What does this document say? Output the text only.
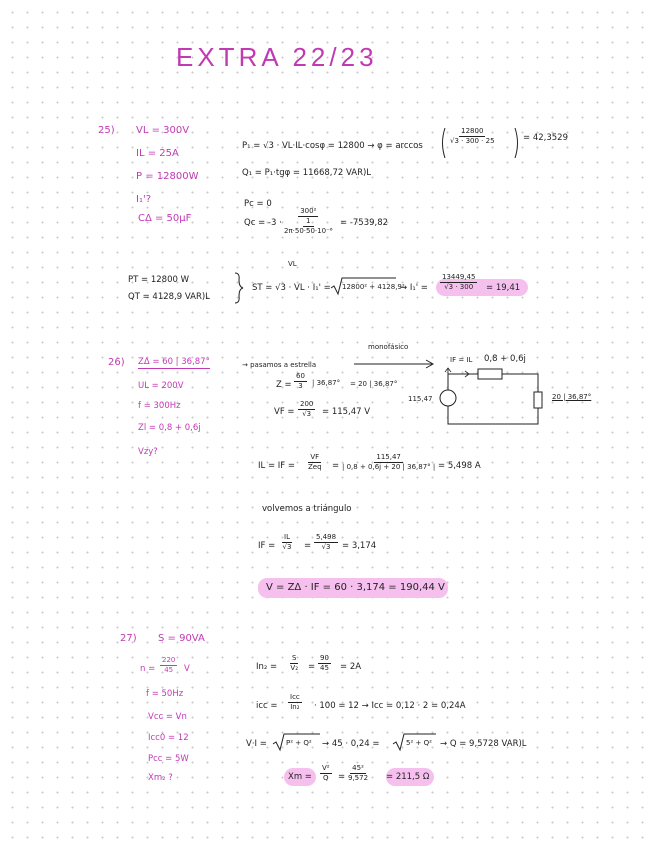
EXTRA 22/23
25) VL = 300V
IL = 25A
P = 12800W
I₁'?
CΔ = 50μF
P₁ = √3 · VL·IL·cosφ = 12800 → φ = arccos
$\frac{12800}{√3 \cdot 300 \cdot 25}$	= 42,3529
Q₁ = P₁·tgφ = 11668,72 VAR)L
Pc = 0
Qc = -3 ·
300²
1
2π·50·50·10⁻⁶
= -7539,82
VL
PT = 12800 W
QT = 4128,9 VAR)L
ST = √3 · VL · I₁' = 12800² + 4128,9²
→ $I_1' = \frac{13449,45}{√3 \cdot 300} = 19,41$
26) ZΔ = 60 | 36,87°
UL = 200V
f = 300Hz
Zl = 0,8 + 0,6j
Vzy?
→ pasamos a estrella
monofásico
$Z = \frac{60}{3}$ | 36,87° = 20 | 36,87°
VF = $\frac{200}{√3} = 115,47$ V
115,47
IF = IL 0,8 + 0,6j
20 | 36,87°
IL = IF =
VF
Zeq = $\frac{115,47}{| 0,8 + 0,6j + 20 | 36,87^\circ |} = 5,498$ A
volvemos a triángulo
IF = $\frac{IL}{√3} = \frac{5,498}{√3} = 3,174$
V = ZΔ · IF = 60 · 3,174 = 190,44 V
27) S = 90VA
$n = \frac{220}{45}$ V
f = 50Hz
Vcc = Vn
Icc0 = 12
Pcc = 5W
Xm₂ ?
$In_2 = \frac{S}{\text{V₂}} = \frac{90}{45} = 2A$
icc =
Icc
In₂ · 100 = 12 → Icc = 0,12 · 2 = 0,24A
V·I =	P² + Q² → 45 · 0,24 =	5² + Q² → Q = 9,5728 VAR)L
$Xm = \frac{\text{V²}}{Q} = \frac{\text{45²}}{9,572} = 211,5$ Ω
